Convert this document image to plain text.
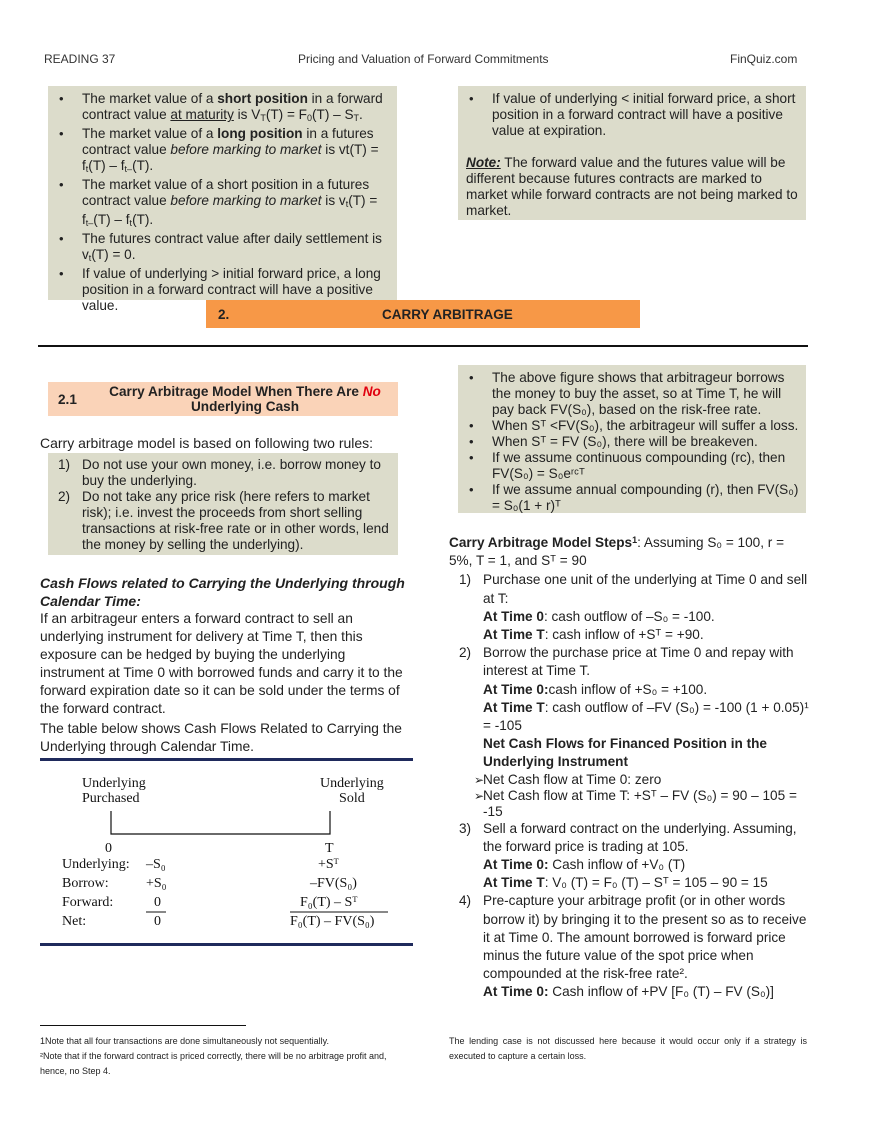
READING 37	Pricing and Valuation of Forward Commitments	FinQuiz.com
• The market value of a short position in a forward contract value at maturity is $V_T(T) = F_0(T) - S_T$.
• The market value of a long position in a futures contract value before marking to market is $vt(T) = f_t(T) - f_{t-}(T)$.
• The market value of a short position in a futures contract value before marking to market is $v_t(T) = f_{t-}(T) - f_t(T)$.
• The futures contract value after daily settlement is $v_t(T) = 0$.
• If value of underlying > initial forward price, a long position in a forward contract will have a positive value.
• If value of underlying < initial forward price, a short position in a forward contract will have a positive value at expiration.
Note: The forward value and the futures value will be different because futures contracts are marked to market while forward contracts are not being marked to market.
2.	CARRY ARBITRAGE
2.1
Carry Arbitrage Model When There Are No
Underlying Cash
Carry arbitrage model is based on following two rules:
1) Do not use your own money, i.e. borrow money to buy the underlying.
2) Do not take any price risk (here refers to market risk); i.e. invest the proceeds from short selling transactions at risk-free rate or in other words, lend the money by selling the underlying).
Cash Flows related to Carrying the Underlying through Calendar Time:
If an arbitrageur enters a forward contract to sell an underlying instrument for delivery at Time T, then this exposure can be hedged by buying the underlying instrument at Time 0 with borrowed funds and carry it to the forward expiration date so it can be sold under the terms of the forward contract.
The table below shows Cash Flows Related to Carrying the Underlying through Calendar Time.
Underlying
Purchased
Underlying
Sold
0	T
Underlying: –S₀	+Sᵀ
Borrow:	+S₀	–FV(S₀)
Forward:	0	F₀(T) – Sᵀ
Net:	0	F₀(T) – FV(S₀)
• The above figure shows that arbitrageur borrows the money to buy the asset, so at Time T, he will pay back FV(S₀), based on the risk-free rate.
• When Sᵀ <FV(S₀), the arbitrageur will suffer a loss.
• When Sᵀ = FV (S₀), there will be breakeven.
• If we assume continuous compounding (rᴄ), then FV(S₀) = S₀eʳᶜᵀ
• If we assume annual compounding (r), then FV(S₀) = S₀(1 + r)ᵀ
Carry Arbitrage Model Steps$^1$: Assuming S₀ = 100, r = 5%, T = 1, and Sᵀ = 90
1) Purchase one unit of the underlying at Time 0 and sell at T:
At Time 0: cash outflow of –S₀ = -100.
At Time T: cash inflow of +Sᵀ = +90.
2) Borrow the purchase price at Time 0 and repay with interest at Time T.
At Time 0:cash inflow of +S₀ = +100.
At Time T: cash outflow of –FV (S₀) = -100 (1 + 0.05)¹ = -105
Net Cash Flows for Financed Position in the Underlying Instrument
➢ Net Cash flow at Time 0: zero
➢ Net Cash flow at Time T: +Sᵀ – FV (S₀) = 90 – 105 = -15
3) Sell a forward contract on the underlying. Assuming, the forward price is trading at 105.
At Time 0: Cash inflow of +V₀ (T)
At Time T: V₀ (T) = F₀ (T) – Sᵀ = 105 – 90 = 15
4) Pre-capture your arbitrage profit (or in other words borrow it) by bringing it to the present so as to receive it at Time 0. The amount borrowed is forward price minus the future value of the spot price when compounded at the risk-free rate².
At Time 0: Cash inflow of +PV [F₀ (T) – FV (S₀)]
1Note that all four transactions are done simultaneously not sequentially.
²Note that if the forward contract is priced correctly, there will be no arbitrage profit and, hence, no Step 4.
The lending case is not discussed here because it would occur only if a strategy is executed to capture a certain loss.
